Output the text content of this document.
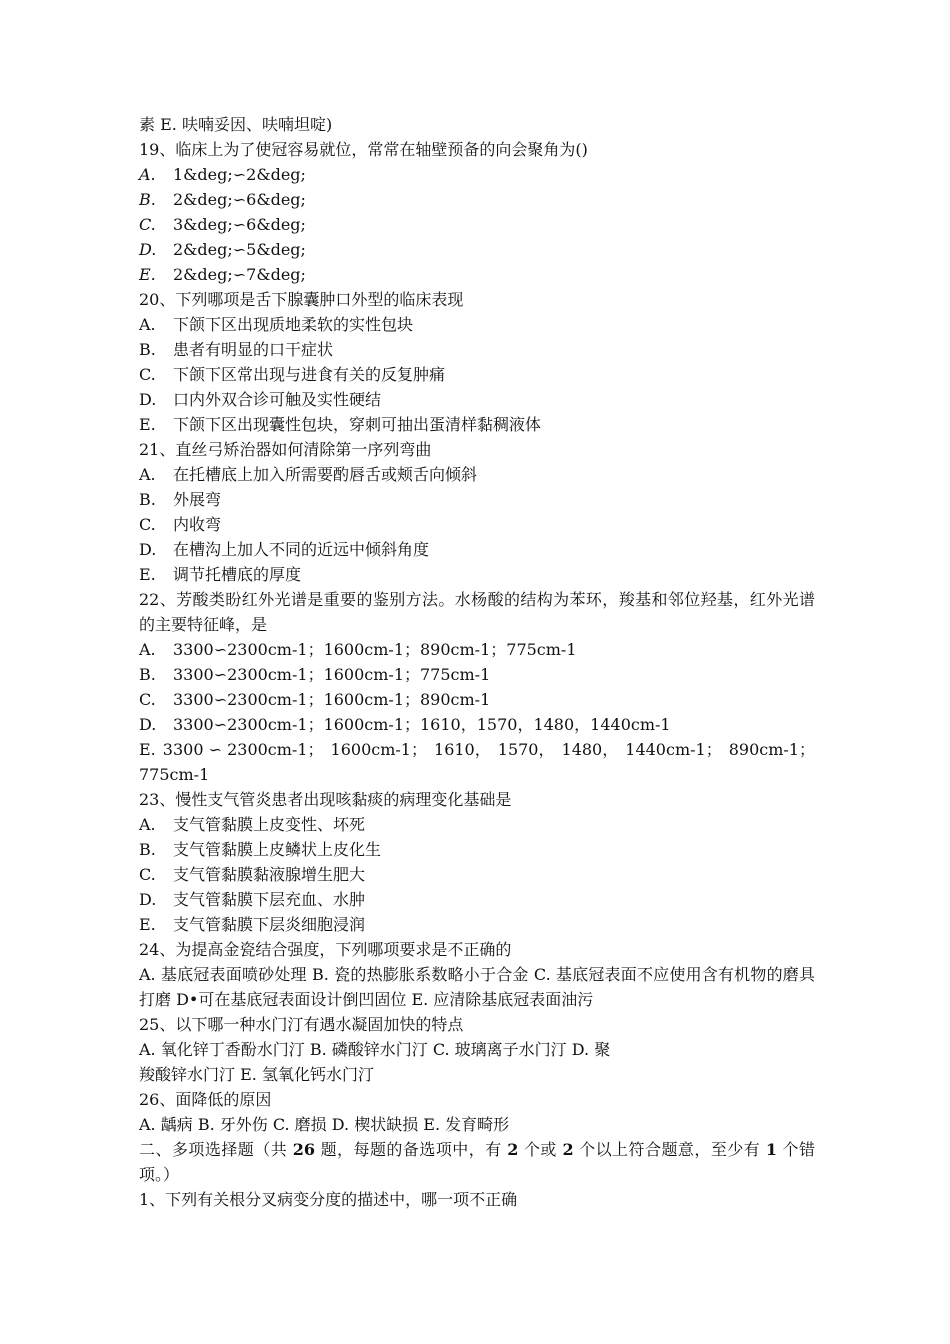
素 E. 呋喃妥因、呋喃坦啶)
19、临床上为了使冠容易就位，常常在轴壁预备的向会聚角为()
A.	1&deg;∽2&deg;
B.	2&deg;∽6&deg;
C.	3&deg;∽6&deg;
D.	2&deg;∽5&deg;
E.	2&deg;∽7&deg;
20、下列哪项是舌下腺囊肿口外型的临床表现
A.	下颌下区出现质地柔软的实性包块
B.	患者有明显的口干症状
C.	下颌下区常出现与进食有关的反复肿痛
D.	口内外双合诊可触及实性硬结
E.	下颌下区出现囊性包块，穿刺可抽出蛋清样黏稠液体
21、直丝弓矫治器如何清除第一序列弯曲
A.	在托槽底上加入所需要酌唇舌或颊舌向倾斜
B.	外展弯
C.	内收弯
D.	在槽沟上加人不同的近远中倾斜角度
E.	调节托槽底的厚度
22、芳酸类盼红外光谱是重要的鉴别方法。水杨酸的结构为苯环，羧基和邻位羟基，红外光谱的主要特征峰，是
A.	3300∽2300cm-1；1600cm-1；890cm-1；775cm-1
B.	3300∽2300cm-1；1600cm-1；775cm-1
C.	3300∽2300cm-1；1600cm-1；890cm-1
D.	3300∽2300cm-1；1600cm-1；1610，1570，1480，1440cm-1
E. 3300 ∽ 2300cm-1； 1600cm-1； 1610， 1570， 1480， 1440cm-1； 890cm-1；
775cm-1
23、慢性支气管炎患者出现咳黏痰的病理变化基础是
A.	支气管黏膜上皮变性、坏死
B.	支气管黏膜上皮鳞状上皮化生
C.	支气管黏膜黏液腺增生肥大
D.	支气管黏膜下层充血、水肿
E.	支气管黏膜下层炎细胞浸润
24、为提高金瓷结合强度，下列哪项要求是不正确的
A. 基底冠表面喷砂处理 B. 瓷的热膨胀系数略小于合金 C. 基底冠表面不应使用含有机物的磨具打磨 D•可在基底冠表面设计倒凹固位 E. 应清除基底冠表面油污
25、以下哪一种水门汀有遇水凝固加快的特点
A. 氧化锌丁香酚水门汀 B. 磷酸锌水门汀 C. 玻璃离子水门汀 D. 聚
羧酸锌水门汀 E. 氢氧化钙水门汀
26、面降低的原因
A. 龋病 B. 牙外伤 C. 磨损 D. 楔状缺损 E. 发育畸形
二、多项选择题（共 26 题，每题的备选项中，有 2 个或 2 个以上符合题意，至少有 1 个错项。）
1、下列有关根分叉病变分度的描述中，哪一项不正确
